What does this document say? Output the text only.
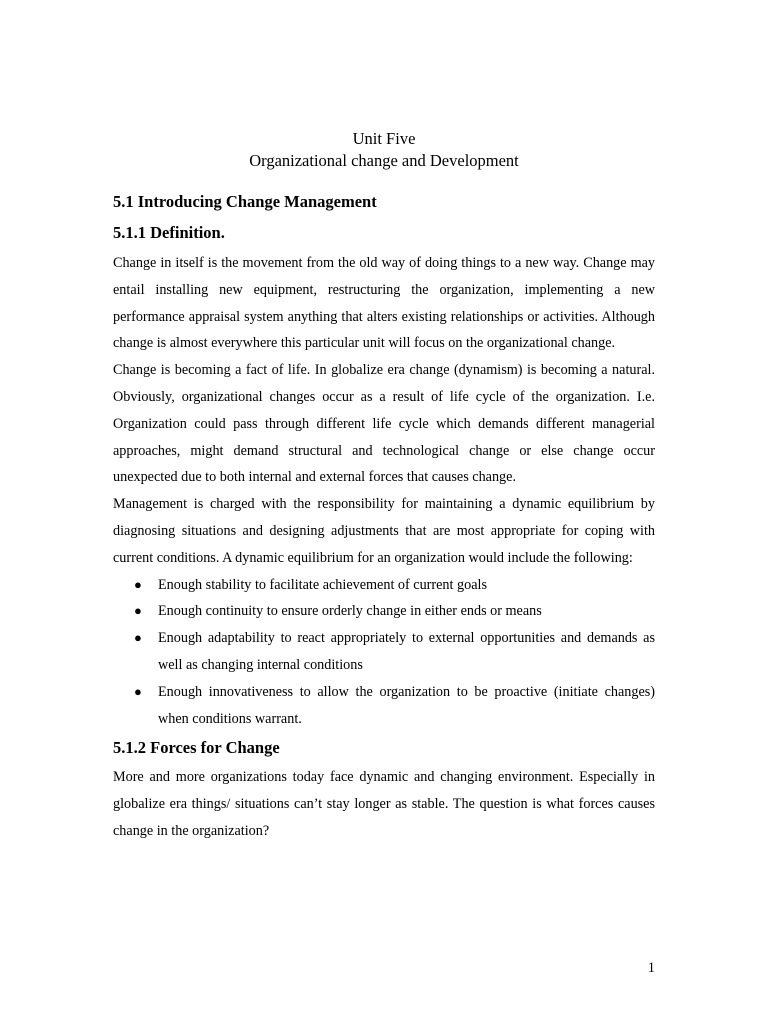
Unit Five
Organizational change and Development
5.1 Introducing Change Management
5.1.1 Definition.

Change in itself is the movement from the old way of doing things to a new way. Change may entail installing new equipment, restructuring the organization, implementing a new performance appraisal system anything that alters existing relationships or activities. Although change is almost everywhere this particular unit will focus on the organizational change.

Change is becoming a fact of life. In globalize era change (dynamism) is becoming a natural. Obviously, organizational changes occur as a result of life cycle of the organization. I.e. Organization could pass through different life cycle which demands different managerial approaches, might demand structural and technological change or else change occur unexpected due to both internal and external forces that causes change.

Management is charged with the responsibility for maintaining a dynamic equilibrium by diagnosing situations and designing adjustments that are most appropriate for coping with current conditions. A dynamic equilibrium for an organization would include the following:

● Enough stability to facilitate achievement of current goals
● Enough continuity to ensure orderly change in either ends or means
● Enough adaptability to react appropriately to external opportunities and demands as well as changing internal conditions
● Enough innovativeness to allow the organization to be proactive (initiate changes) when conditions warrant.
5.1.2 Forces for Change

More and more organizations today face dynamic and changing environment. Especially in globalize era things/ situations can’t stay longer as stable. The question is what forces causes change in the organization?

1
